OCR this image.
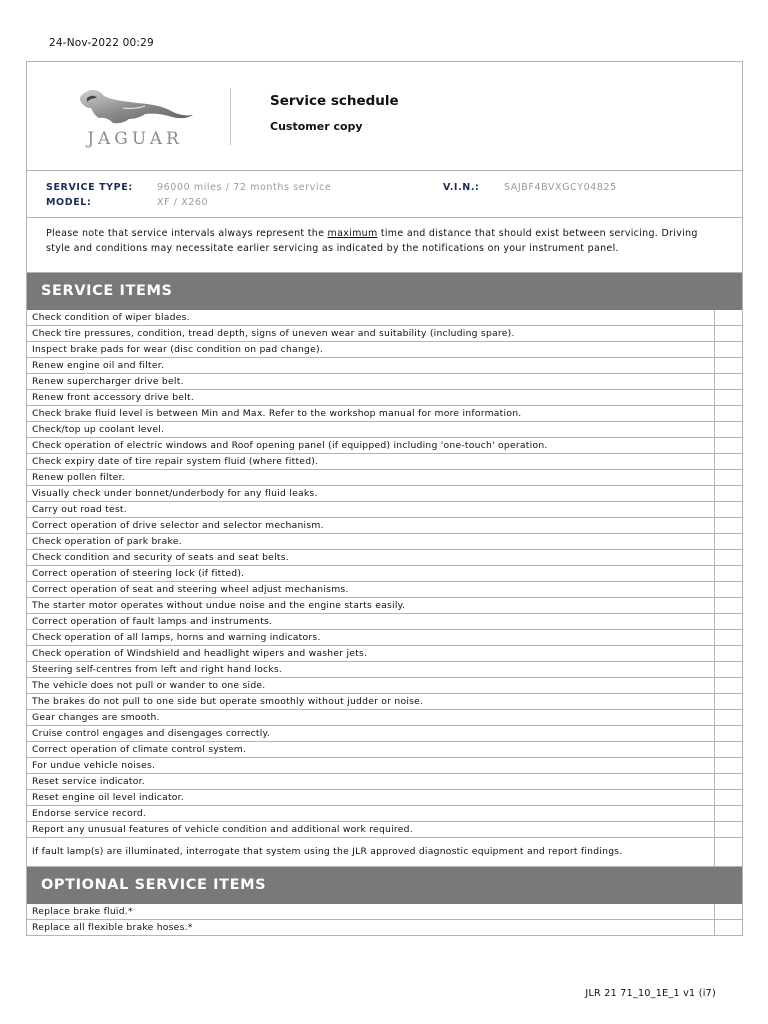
24-Nov-2022 00:29
JAGUAR
Service schedule
Customer copy
SERVICE TYPE:	96000 miles / 72 months service
MODEL:	XF / X260
V.I.N.:	SAJBF4BVXGCY04825
Please note that service intervals always represent the maximum time and distance that should exist between servicing. Driving style and conditions may necessitate earlier servicing as indicated by the notifications on your instrument panel.
SERVICE ITEMS
Check condition of wiper blades.	
Check tire pressures, condition, tread depth, signs of uneven wear and suitability (including spare).	
Inspect brake pads for wear (disc condition on pad change).	
Renew engine oil and filter.	
Renew supercharger drive belt.	
Renew front accessory drive belt.	
Check brake fluid level is between Min and Max. Refer to the workshop manual for more information.	
Check/top up coolant level.	
Check operation of electric windows and Roof opening panel (if equipped) including 'one-touch' operation.	
Check expiry date of tire repair system fluid (where fitted).	
Renew pollen filter.	
Visually check under bonnet/underbody for any fluid leaks.	
Carry out road test.	
Correct operation of drive selector and selector mechanism.	
Check operation of park brake.	
Check condition and security of seats and seat belts.	
Correct operation of steering lock (if fitted).	
Correct operation of seat and steering wheel adjust mechanisms.	
The starter motor operates without undue noise and the engine starts easily.	
Correct operation of fault lamps and instruments.	
Check operation of all lamps, horns and warning indicators.	
Check operation of Windshield and headlight wipers and washer jets.	
Steering self-centres from left and right hand locks.	
The vehicle does not pull or wander to one side.	
The brakes do not pull to one side but operate smoothly without judder or noise.	
Gear changes are smooth.	
Cruise control engages and disengages correctly.	
Correct operation of climate control system.	
For undue vehicle noises.	
Reset service indicator.	
Reset engine oil level indicator.	
Endorse service record.	
Report any unusual features of vehicle condition and additional work required.	
If fault lamp(s) are illuminated, interrogate that system using the JLR approved diagnostic equipment and report findings.	
OPTIONAL SERVICE ITEMS
Replace brake fluid.*	
Replace all flexible brake hoses.*	
JLR 21 71_10_1E_1 v1 (i7)
